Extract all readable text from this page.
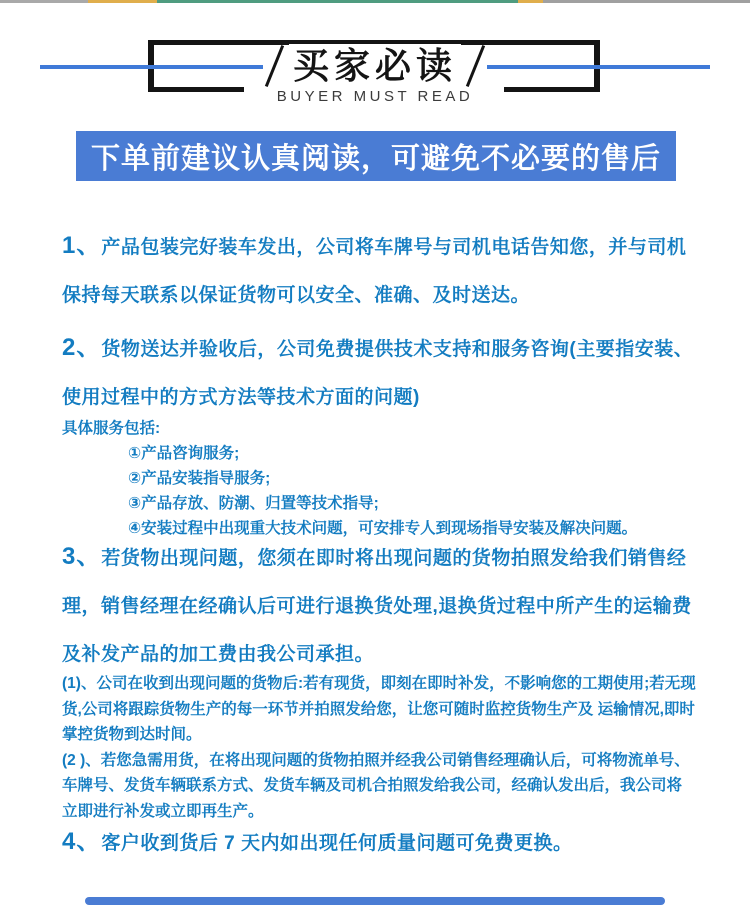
买家必读
BUYER MUST READ
下单前建议认真阅读，可避免不必要的售后

1、产品包装完好装车发出，公司将车牌号与司机电话告知您，并与司机保持每天联系以保证货物可以安全、准确、及时送达。

2、货物送达并验收后，公司免费提供技术支持和服务咨询(主要指安装、使用过程中的方式方法等技术方面的问题)

具体服务包括:
①产品咨询服务;
②产品安装指导服务;
③产品存放、防潮、归置等技术指导;
④安装过程中出现重大技术问题，可安排专人到现场指导安装及解决问题。

3、若货物出现问题，您须在即时将出现问题的货物拍照发给我们销售经理，销售经理在经确认后可进行退换货处理,退换货过程中所产生的运输费及补发产品的加工费由我公司承担。

(1)、公司在收到出现问题的货物后:若有现货，即刻在即时补发，不影响您的工期使用;若无现货,公司将跟踪货物生产的每一环节并拍照发给您，让您可随时监控货物生产及 运输情况,即时掌控货物到达时间。

(2 )、若您急需用货，在将出现问题的货物拍照并经我公司销售经理确认后，可将物流单号、车牌号、发货车辆联系方式、发货车辆及司机合拍照发给我公司，经确认发出后，我公司将立即进行补发或立即再生产。

4、客户收到货后 7 天内如出现任何质量问题可免费更换。
